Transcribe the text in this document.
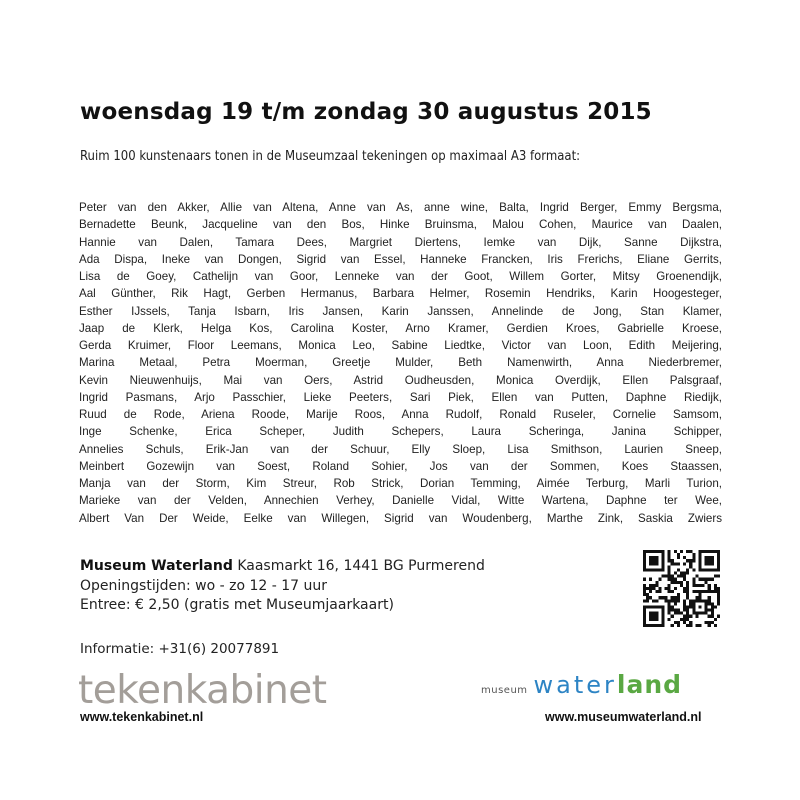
woensdag 19 t/m zondag 30 augustus 2015
Ruim 100 kunstenaars tonen in de Museumzaal tekeningen op maximaal A3 formaat:
Peter van den Akker, Allie van Altena, Anne van As, anne wine, Balta, Ingrid Berger, Emmy Bergsma,
Bernadette Beunk, Jacqueline van den Bos, Hinke Bruinsma, Malou Cohen, Maurice van Daalen,
Hannie van Dalen, Tamara Dees, Margriet Diertens, Iemke van Dijk, Sanne Dijkstra,
Ada Dispa, Ineke van Dongen, Sigrid van Essel, Hanneke Francken, Iris Frerichs, Eliane Gerrits,
Lisa de Goey, Cathelijn van Goor, Lenneke van der Goot, Willem Gorter, Mitsy Groenendijk,
Aal Günther, Rik Hagt, Gerben Hermanus, Barbara Helmer, Rosemin Hendriks, Karin Hoogesteger,
Esther IJssels, Tanja Isbarn, Iris Jansen, Karin Janssen, Annelinde de Jong, Stan Klamer,
Jaap de Klerk, Helga Kos, Carolina Koster, Arno Kramer, Gerdien Kroes, Gabrielle Kroese,
Gerda Kruimer, Floor Leemans, Monica Leo, Sabine Liedtke, Victor van Loon, Edith Meijering,
Marina Metaal, Petra Moerman, Greetje Mulder, Beth Namenwirth, Anna Niederbremer,
Kevin Nieuwenhuijs, Mai van Oers, Astrid Oudheusden, Monica Overdijk, Ellen Palsgraaf,
Ingrid Pasmans, Arjo Passchier, Lieke Peeters, Sari Piek, Ellen van Putten, Daphne Riedijk,
Ruud de Rode, Ariena Roode, Marije Roos, Anna Rudolf, Ronald Ruseler, Cornelie Samsom,
Inge Schenke, Erica Scheper, Judith Schepers, Laura Scheringa, Janina Schipper,
Annelies Schuls, Erik-Jan van der Schuur, Elly Sloep, Lisa Smithson, Laurien Sneep,
Meinbert Gozewijn van Soest, Roland Sohier, Jos van der Sommen, Koes Staassen,
Manja van der Storm, Kim Streur, Rob Strick, Dorian Temming, Aimée Terburg, Marli Turion,
Marieke van der Velden, Annechien Verhey, Danielle Vidal, Witte Wartena, Daphne ter Wee,
Albert Van Der Weide, Eelke van Willegen, Sigrid van Woudenberg, Marthe Zink, Saskia Zwiers
Museum Waterland Kaasmarkt 16, 1441 BG Purmerend
Openingstijden: wo - zo 12 - 17 uur
Entree: € 2,50 (gratis met Museumjaarkaart)
Informatie: +31(6) 20077891
tekenkabinet
www.tekenkabinet.nl
museum waterland
www.museumwaterland.nl
